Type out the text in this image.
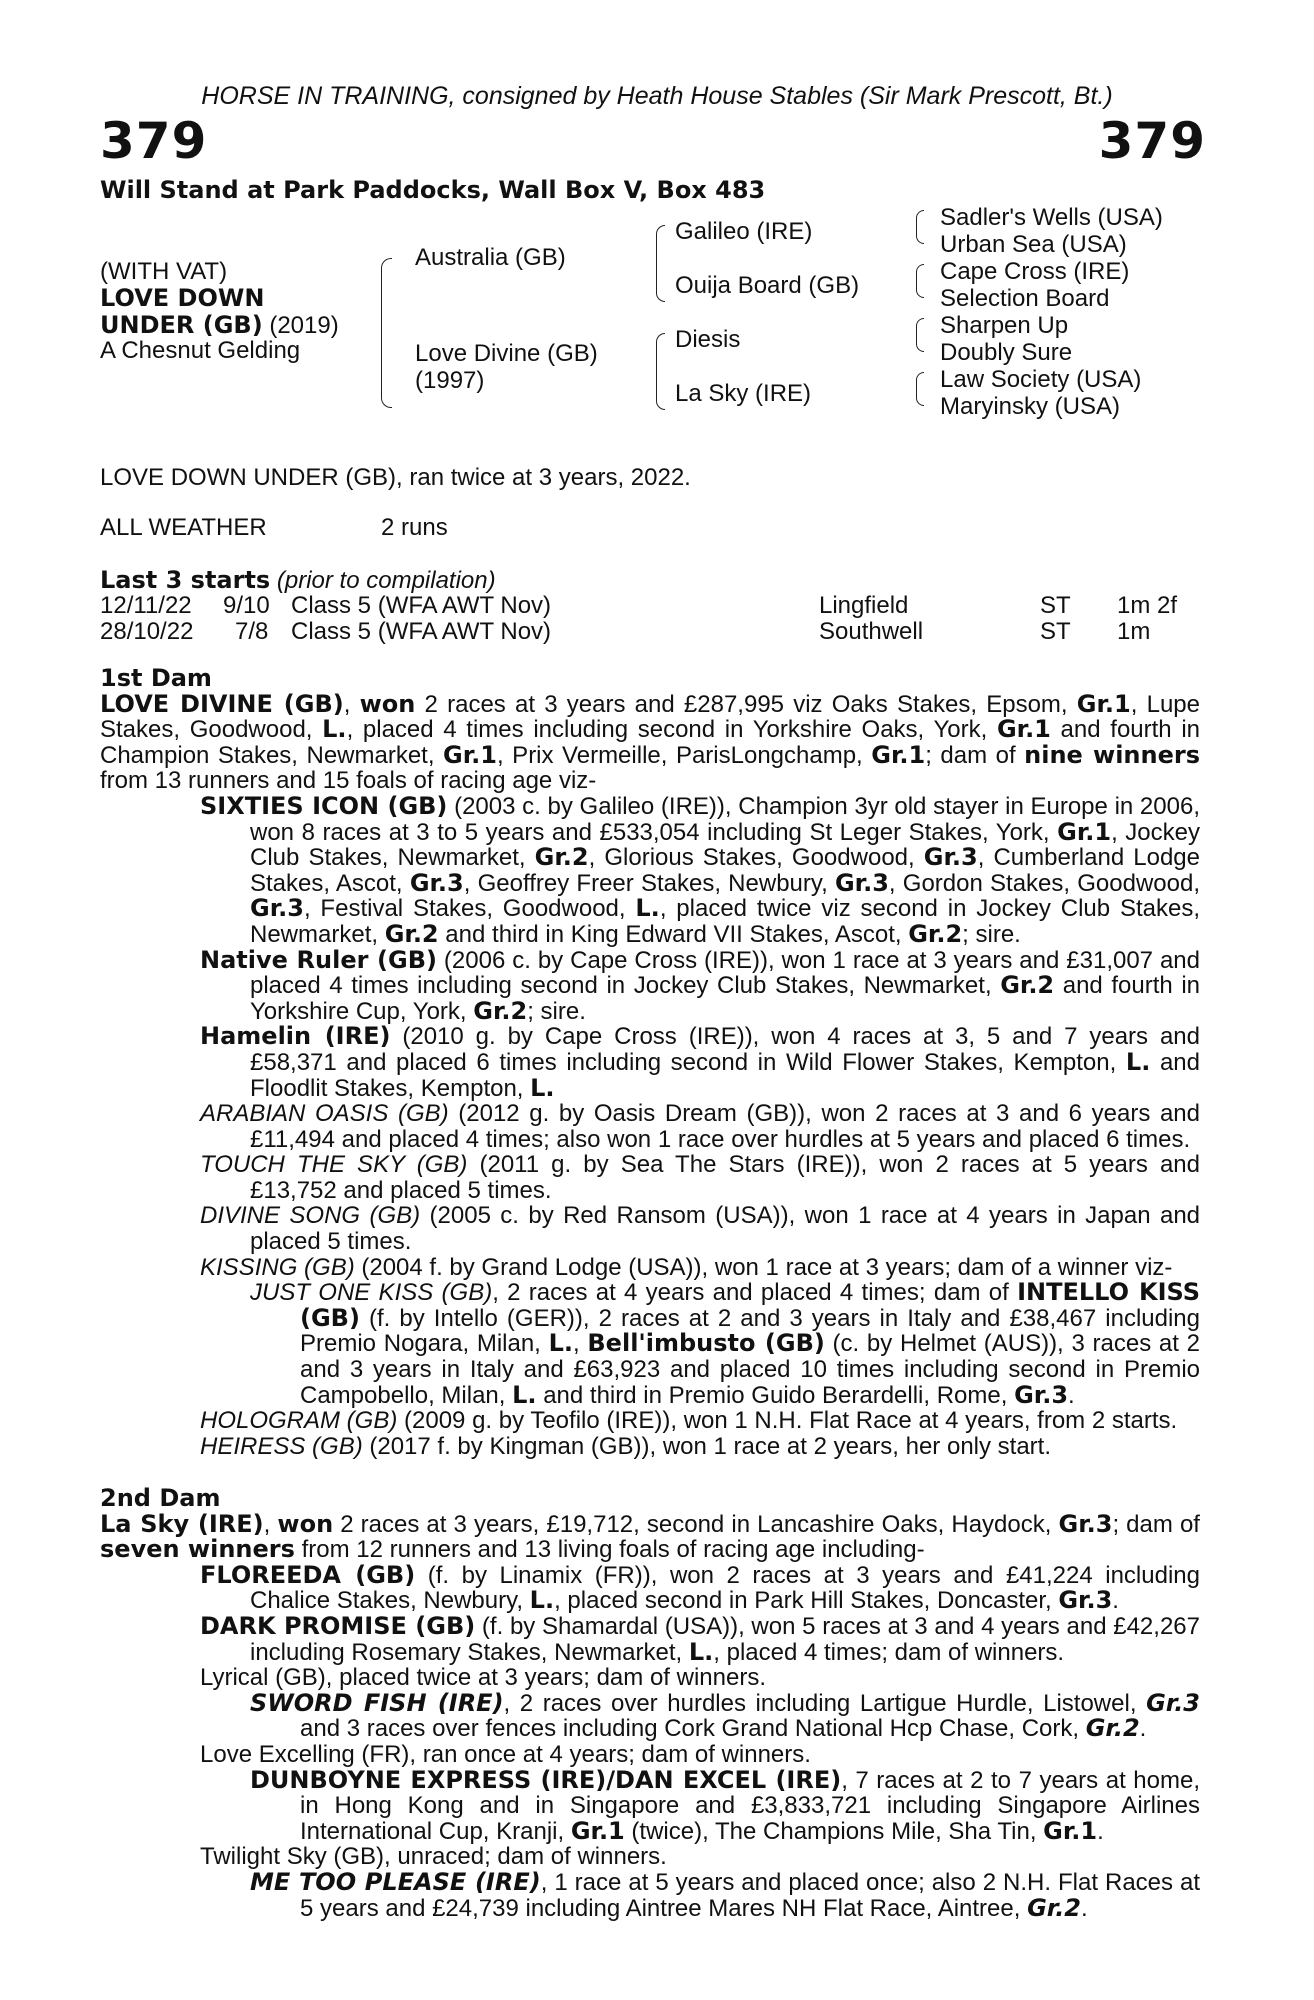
HORSE IN TRAINING, consigned by Heath House Stables (Sir Mark Prescott, Bt.)
379	379
Will Stand at Park Paddocks, Wall Box V, Box 483
(WITH VAT)
LOVE DOWN
UNDER (GB) (2019)
A Chesnut Gelding
Australia (GB)
Love Divine (GB)
(1997)
Galileo (IRE)
Ouija Board (GB)
Diesis
La Sky (IRE)
Sadler's Wells (USA)
Urban Sea (USA)
Cape Cross (IRE)
Selection Board
Sharpen Up
Doubly Sure
Law Society (USA)
Maryinsky (USA)
LOVE DOWN UNDER (GB), ran twice at 3 years, 2022.
ALL WEATHER	2 runs
Last 3 starts (prior to compilation)
12/11/22 9/10 Class 5 (WFA AWT Nov)	Lingfield	ST 1m 2f
28/10/22 7/8 Class 5 (WFA AWT Nov)	Southwell	ST 1m

1st Dam

LOVE DIVINE (GB), won 2 races at 3 years and £287,995 viz Oaks Stakes, Epsom, Gr.1, Lupe Stakes, Goodwood, L., placed 4 times including second in Yorkshire Oaks, York, Gr.1 and fourth in Champion Stakes, Newmarket, Gr.1, Prix Vermeille, ParisLongchamp, Gr.1; dam of nine winners from 13 runners and 15 foals of racing age viz-

SIXTIES ICON (GB) (2003 c. by Galileo (IRE)), Champion 3yr old stayer in Europe in 2006, won 8 races at 3 to 5 years and £533,054 including St Leger Stakes, York, Gr.1, Jockey Club Stakes, Newmarket, Gr.2, Glorious Stakes, Goodwood, Gr.3, Cumberland Lodge Stakes, Ascot, Gr.3, Geoffrey Freer Stakes, Newbury, Gr.3, Gordon Stakes, Goodwood, Gr.3, Festival Stakes, Goodwood, L., placed twice viz second in Jockey Club Stakes, Newmarket, Gr.2 and third in King Edward VII Stakes, Ascot, Gr.2; sire.

Native Ruler (GB) (2006 c. by Cape Cross (IRE)), won 1 race at 3 years and £31,007 and placed 4 times including second in Jockey Club Stakes, Newmarket, Gr.2 and fourth in Yorkshire Cup, York, Gr.2; sire.

Hamelin (IRE) (2010 g. by Cape Cross (IRE)), won 4 races at 3, 5 and 7 years and £58,371 and placed 6 times including second in Wild Flower Stakes, Kempton, L. and Floodlit Stakes, Kempton, L.

ARABIAN OASIS (GB) (2012 g. by Oasis Dream (GB)), won 2 races at 3 and 6 years and £11,494 and placed 4 times; also won 1 race over hurdles at 5 years and placed 6 times.

TOUCH THE SKY (GB) (2011 g. by Sea The Stars (IRE)), won 2 races at 5 years and £13,752 and placed 5 times.

DIVINE SONG (GB) (2005 c. by Red Ransom (USA)), won 1 race at 4 years in Japan and placed 5 times.

KISSING (GB) (2004 f. by Grand Lodge (USA)), won 1 race at 3 years; dam of a winner viz-

JUST ONE KISS (GB), 2 races at 4 years and placed 4 times; dam of INTELLO KISS (GB) (f. by Intello (GER)), 2 races at 2 and 3 years in Italy and £38,467 including Premio Nogara, Milan, L., Bell'imbusto (GB) (c. by Helmet (AUS)), 3 races at 2 and 3 years in Italy and £63,923 and placed 10 times including second in Premio Campobello, Milan, L. and third in Premio Guido Berardelli, Rome, Gr.3.

HOLOGRAM (GB) (2009 g. by Teofilo (IRE)), won 1 N.H. Flat Race at 4 years, from 2 starts.

HEIRESS (GB) (2017 f. by Kingman (GB)), won 1 race at 2 years, her only start.

2nd Dam

La Sky (IRE), won 2 races at 3 years, £19,712, second in Lancashire Oaks, Haydock, Gr.3; dam of seven winners from 12 runners and 13 living foals of racing age including-

FLOREEDA (GB) (f. by Linamix (FR)), won 2 races at 3 years and £41,224 including Chalice Stakes, Newbury, L., placed second in Park Hill Stakes, Doncaster, Gr.3.

DARK PROMISE (GB) (f. by Shamardal (USA)), won 5 races at 3 and 4 years and £42,267 including Rosemary Stakes, Newmarket, L., placed 4 times; dam of winners.

Lyrical (GB), placed twice at 3 years; dam of winners.

SWORD FISH (IRE), 2 races over hurdles including Lartigue Hurdle, Listowel, Gr.3 and 3 races over fences including Cork Grand National Hcp Chase, Cork, Gr.2.

Love Excelling (FR), ran once at 4 years; dam of winners.

DUNBOYNE EXPRESS (IRE)/DAN EXCEL (IRE), 7 races at 2 to 7 years at home, in Hong Kong and in Singapore and £3,833,721 including Singapore Airlines International Cup, Kranji, Gr.1 (twice), The Champions Mile, Sha Tin, Gr.1.

Twilight Sky (GB), unraced; dam of winners.

ME TOO PLEASE (IRE), 1 race at 5 years and placed once; also 2 N.H. Flat Races at 5 years and £24,739 including Aintree Mares NH Flat Race, Aintree, Gr.2.
